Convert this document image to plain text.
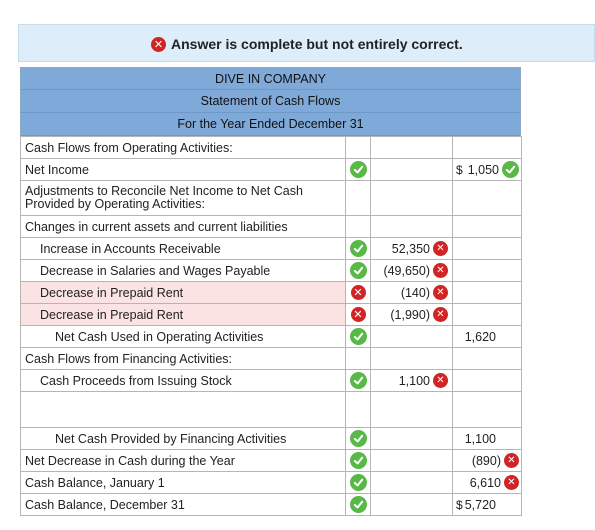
✕ Answer is complete but not entirely correct.
DIVE IN COMPANY
Statement of Cash Flows
For the Year Ended December 31
Cash Flows from Operating Activities:			

Net Income			$ 1,050

Adjustments to Reconcile Net Income to Net Cash Provided by Operating Activities:			

Changes in current assets and current liabilities			

Increase in Accounts Receivable		52,350 ✕	

Decrease in Salaries and Wages Payable		(49,650) ✕	

Decrease in Prepaid Rent	✕	(140) ✕	

Decrease in Prepaid Rent	✕	(1,990) ✕	

Net Cash Used in Operating Activities			1,620

Cash Flows from Financing Activities:			

Cash Proceeds from Issuing Stock		1,100 ✕	

Net Cash Provided by Financing Activities			1,100

Net Decrease in Cash during the Year			(890) ✕

Cash Balance, January 1			6,610 ✕

Cash Balance, December 31			$ 5,720
